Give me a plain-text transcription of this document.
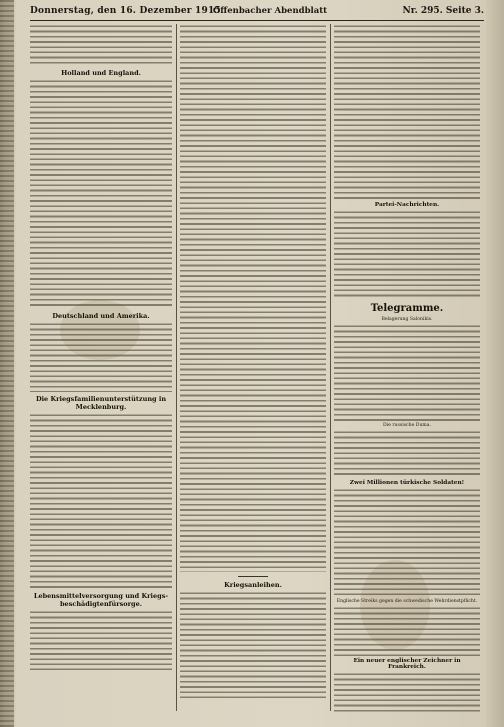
Donnerstag, den 16. Dezember 1915
Offenbacher Abendblatt	Nr. 295. Seite 3.
Holland und England.
Deutschland und Amerika.
Die Kriegsfamilienunterstützung in Mecklenburg.
Lebensmittelversorgung und Kriegs-beschädigtenfürsorge.
Kriegsanleihen.
Partei-Nachrichten.
Telegramme.
Belagerung Salonikis.
Die russische Duma.
Zwei Millionen türkische Soldaten!
Englische Streiks gegen die schwedische Wehrdienstpflicht.
Ein neuer englischer Zeichner in Frankreich.
